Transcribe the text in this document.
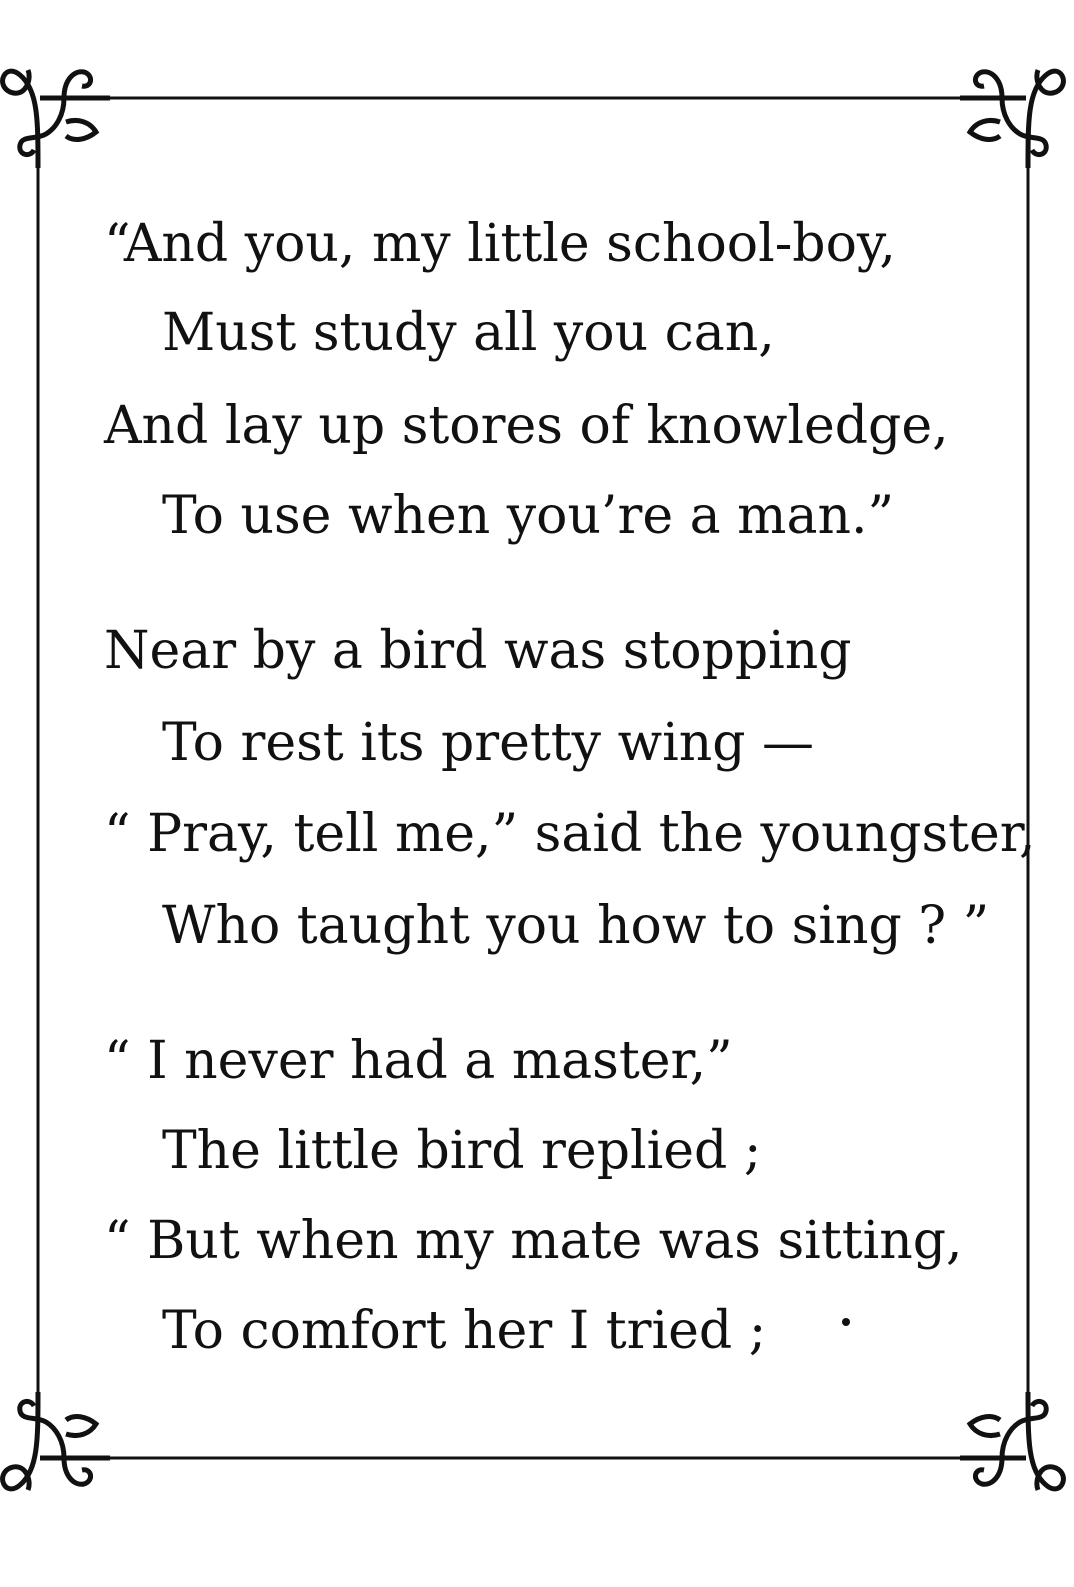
“And you, my little school-boy,
Must study all you can,
And lay up stores of knowledge,
To use when you’re a man.”
Near by a bird was stopping
To rest its pretty wing —
“ Pray, tell me,” said the youngster,
Who taught you how to sing ? ”
“ I never had a master,”
The little bird replied ;
“ But when my mate was sitting,
To comfort her I tried ;
